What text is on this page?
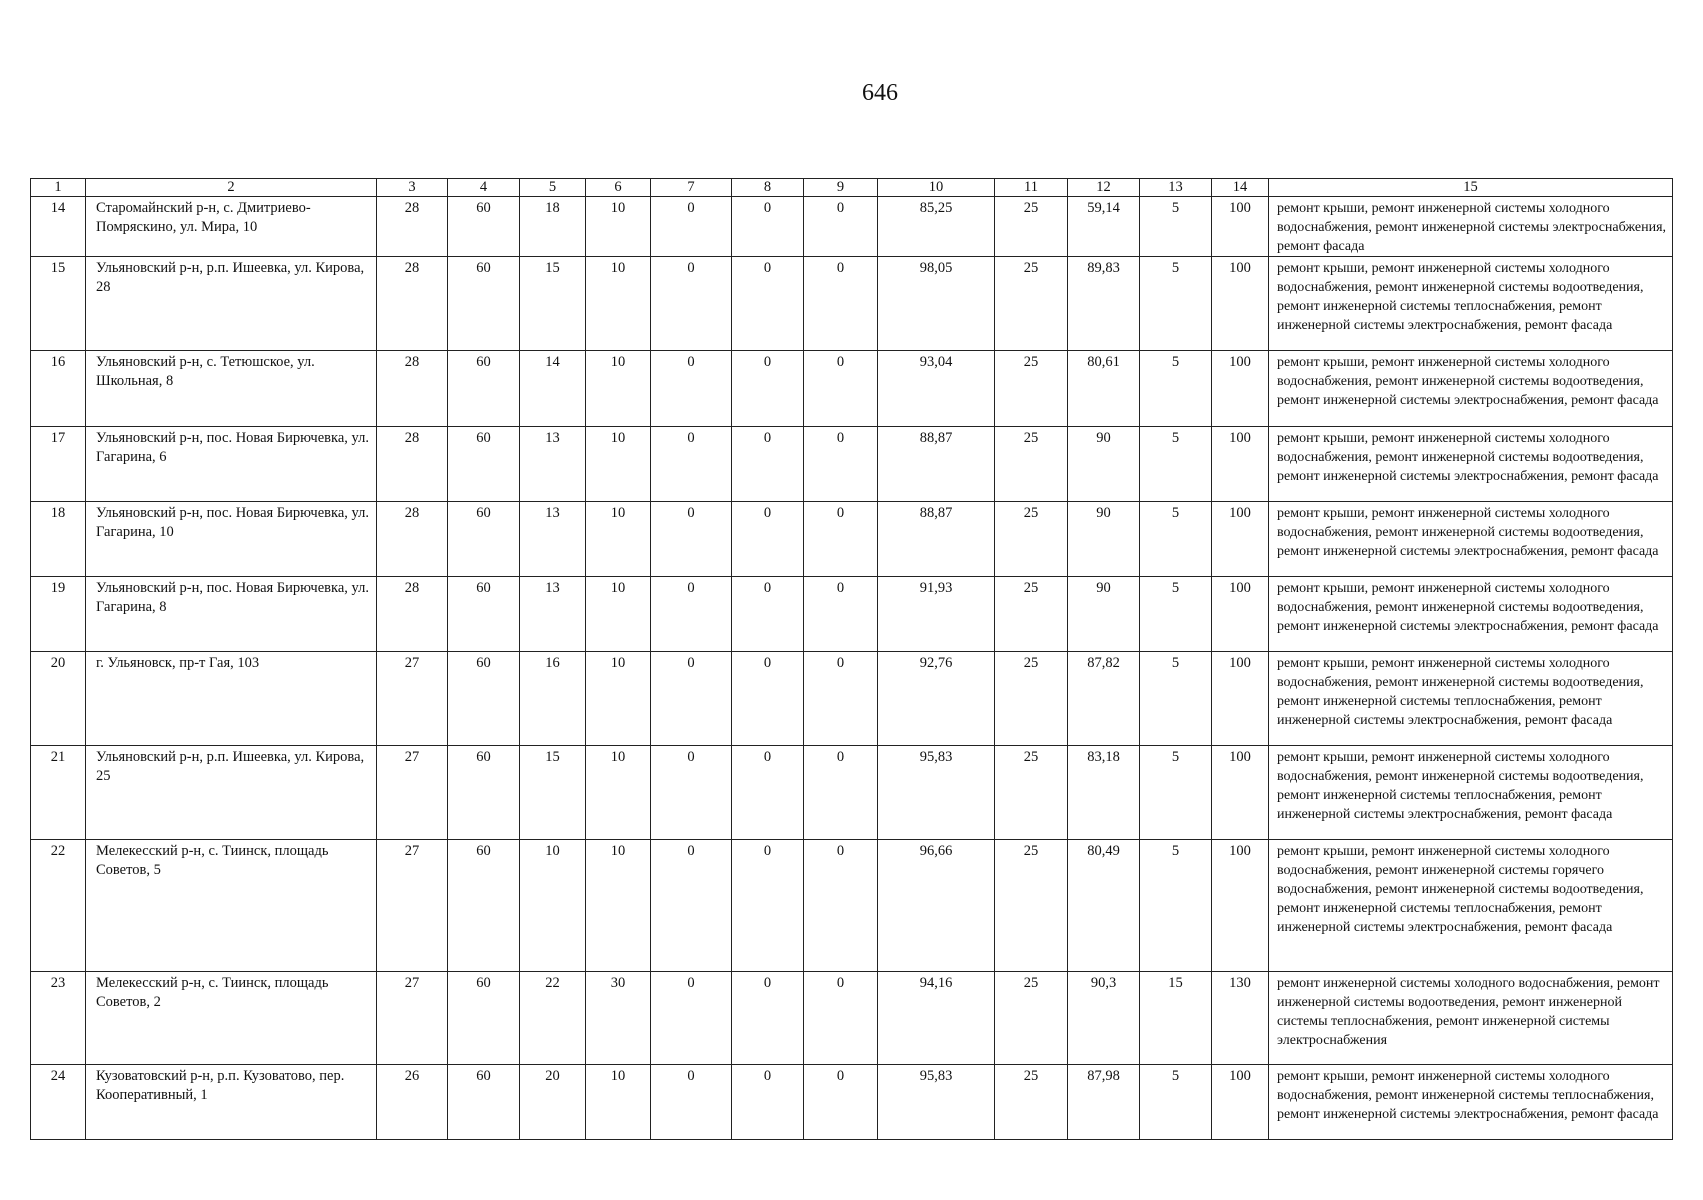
646
1	2	3	4	5	6	7	8	9	10	11	12	13	14	15
14	Старомайнский р-н, с. Дмитриево-Помряскино, ул. Мира, 10	28	60	18	10	0	0	0	85,25	25	59,14	5	100	ремонт крыши, ремонт инженерной системы холодного водоснабжения, ремонт инженерной системы электроснабжения, ремонт фасада
15	Ульяновский р-н, р.п. Ишеевка, ул. Кирова, 28	28	60	15	10	0	0	0	98,05	25	89,83	5	100	ремонт крыши, ремонт инженерной системы холодного водоснабжения, ремонт инженерной системы водоотведения, ремонт инженерной системы теплоснабжения, ремонт инженерной системы электроснабжения, ремонт фасада
16	Ульяновский р-н, с. Тетюшское, ул. Школьная, 8	28	60	14	10	0	0	0	93,04	25	80,61	5	100	ремонт крыши, ремонт инженерной системы холодного водоснабжения, ремонт инженерной системы водоотведения, ремонт инженерной системы электроснабжения, ремонт фасада
17	Ульяновский р-н, пос. Новая Бирючевка, ул. Гагарина, 6	28	60	13	10	0	0	0	88,87	25	90	5	100	ремонт крыши, ремонт инженерной системы холодного водоснабжения, ремонт инженерной системы водоотведения, ремонт инженерной системы электроснабжения, ремонт фасада
18	Ульяновский р-н, пос. Новая Бирючевка, ул. Гагарина, 10	28	60	13	10	0	0	0	88,87	25	90	5	100	ремонт крыши, ремонт инженерной системы холодного водоснабжения, ремонт инженерной системы водоотведения, ремонт инженерной системы электроснабжения, ремонт фасада
19	Ульяновский р-н, пос. Новая Бирючевка, ул. Гагарина, 8	28	60	13	10	0	0	0	91,93	25	90	5	100	ремонт крыши, ремонт инженерной системы холодного водоснабжения, ремонт инженерной системы водоотведения, ремонт инженерной системы электроснабжения, ремонт фасада
20	г. Ульяновск, пр-т Гая, 103	27	60	16	10	0	0	0	92,76	25	87,82	5	100	ремонт крыши, ремонт инженерной системы холодного водоснабжения, ремонт инженерной системы водоотведения, ремонт инженерной системы теплоснабжения, ремонт инженерной системы электроснабжения, ремонт фасада
21	Ульяновский р-н, р.п. Ишеевка, ул. Кирова, 25	27	60	15	10	0	0	0	95,83	25	83,18	5	100	ремонт крыши, ремонт инженерной системы холодного водоснабжения, ремонт инженерной системы водоотведения, ремонт инженерной системы теплоснабжения, ремонт инженерной системы электроснабжения, ремонт фасада
22	Мелекесский р-н, с. Тиинск, площадь Советов, 5	27	60	10	10	0	0	0	96,66	25	80,49	5	100	ремонт крыши, ремонт инженерной системы холодного водоснабжения, ремонт инженерной системы горячего водоснабжения, ремонт инженерной системы водоотведения, ремонт инженерной системы теплоснабжения, ремонт инженерной системы электроснабжения, ремонт фасада
23	Мелекесский р-н, с. Тиинск, площадь Советов, 2	27	60	22	30	0	0	0	94,16	25	90,3	15	130	ремонт инженерной системы холодного водоснабжения, ремонт инженерной системы водоотведения, ремонт инженерной системы теплоснабжения, ремонт инженерной системы электроснабжения
24	Кузоватовский р-н, р.п. Кузоватово, пер. Кооперативный, 1	26	60	20	10	0	0	0	95,83	25	87,98	5	100	ремонт крыши, ремонт инженерной системы холодного водоснабжения, ремонт инженерной системы теплоснабжения, ремонт инженерной системы электроснабжения, ремонт фасада
